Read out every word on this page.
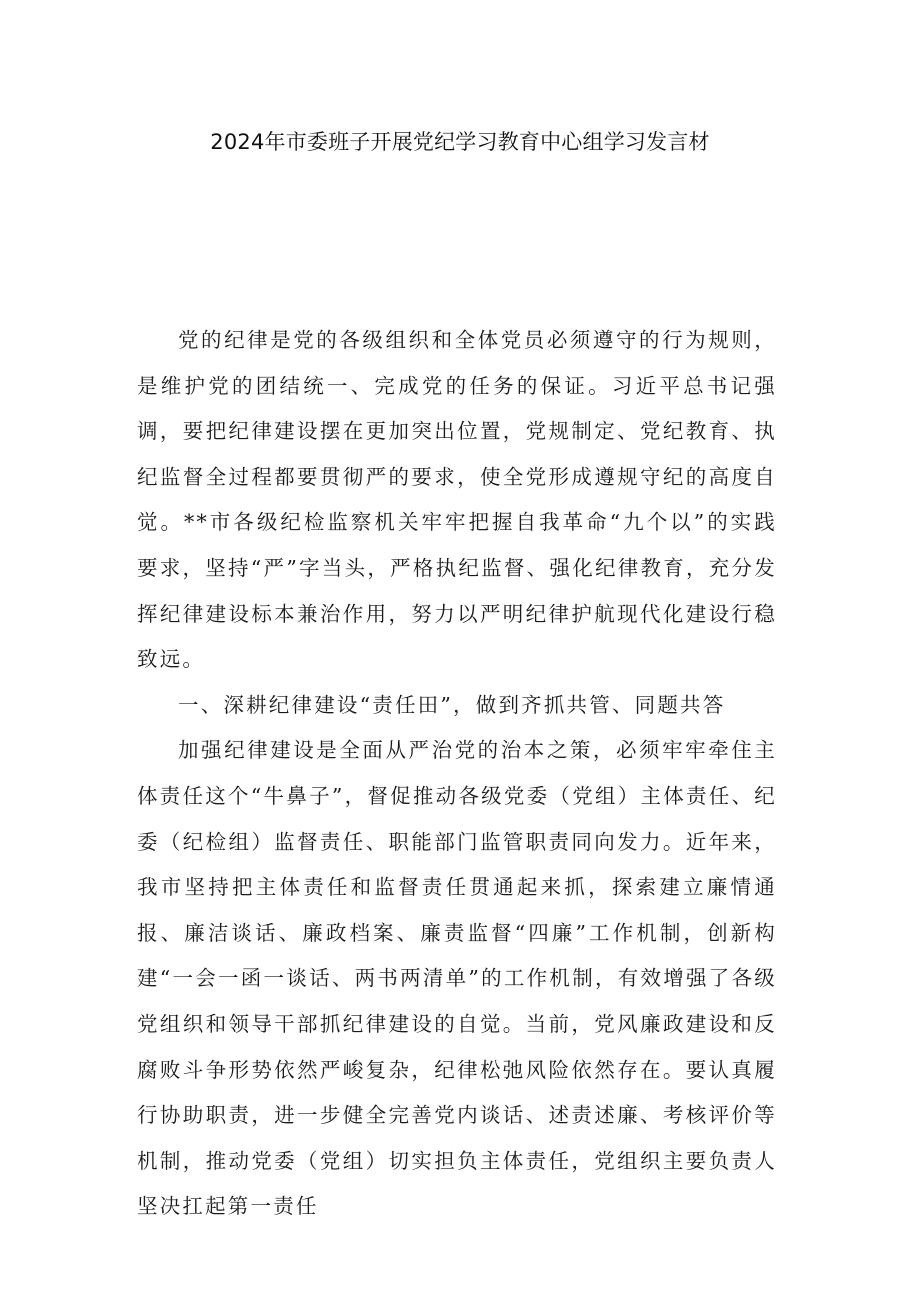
2024年市委班子开展党纪学习教育中心组学习发言材

党的纪律是党的各级组织和全体党员必须遵守的行为规则，是维护党的团结统一、完成党的任务的保证。习近平总书记强调，要把纪律建设摆在更加突出位置，党规制定、党纪教育、执纪监督全过程都要贯彻严的要求，使全党形成遵规守纪的高度自觉。**市各级纪检监察机关牢牢把握自我革命“九个以”的实践要求，坚持“严”字当头，严格执纪监督、强化纪律教育，充分发挥纪律建设标本兼治作用，努力以严明纪律护航现代化建设行稳致远。

一、深耕纪律建设“责任田”，做到齐抓共管、同题共答

加强纪律建设是全面从严治党的治本之策，必须牢牢牵住主体责任这个“牛鼻子”，督促推动各级党委（党组）主体责任、纪委（纪检组）监督责任、职能部门监管职责同向发力。近年来，我市坚持把主体责任和监督责任贯通起来抓，探索建立廉情通报、廉洁谈话、廉政档案、廉责监督“四廉”工作机制，创新构建“一会一函一谈话、两书两清单”的工作机制，有效增强了各级党组织和领导干部抓纪律建设的自觉。当前，党风廉政建设和反腐败斗争形势依然严峻复杂，纪律松弛风险依然存在。要认真履行协助职责，进一步健全完善党内谈话、述责述廉、考核评价等机制，推动党委（党组）切实担负主体责任，党组织主要负责人坚决扛起第一责任
